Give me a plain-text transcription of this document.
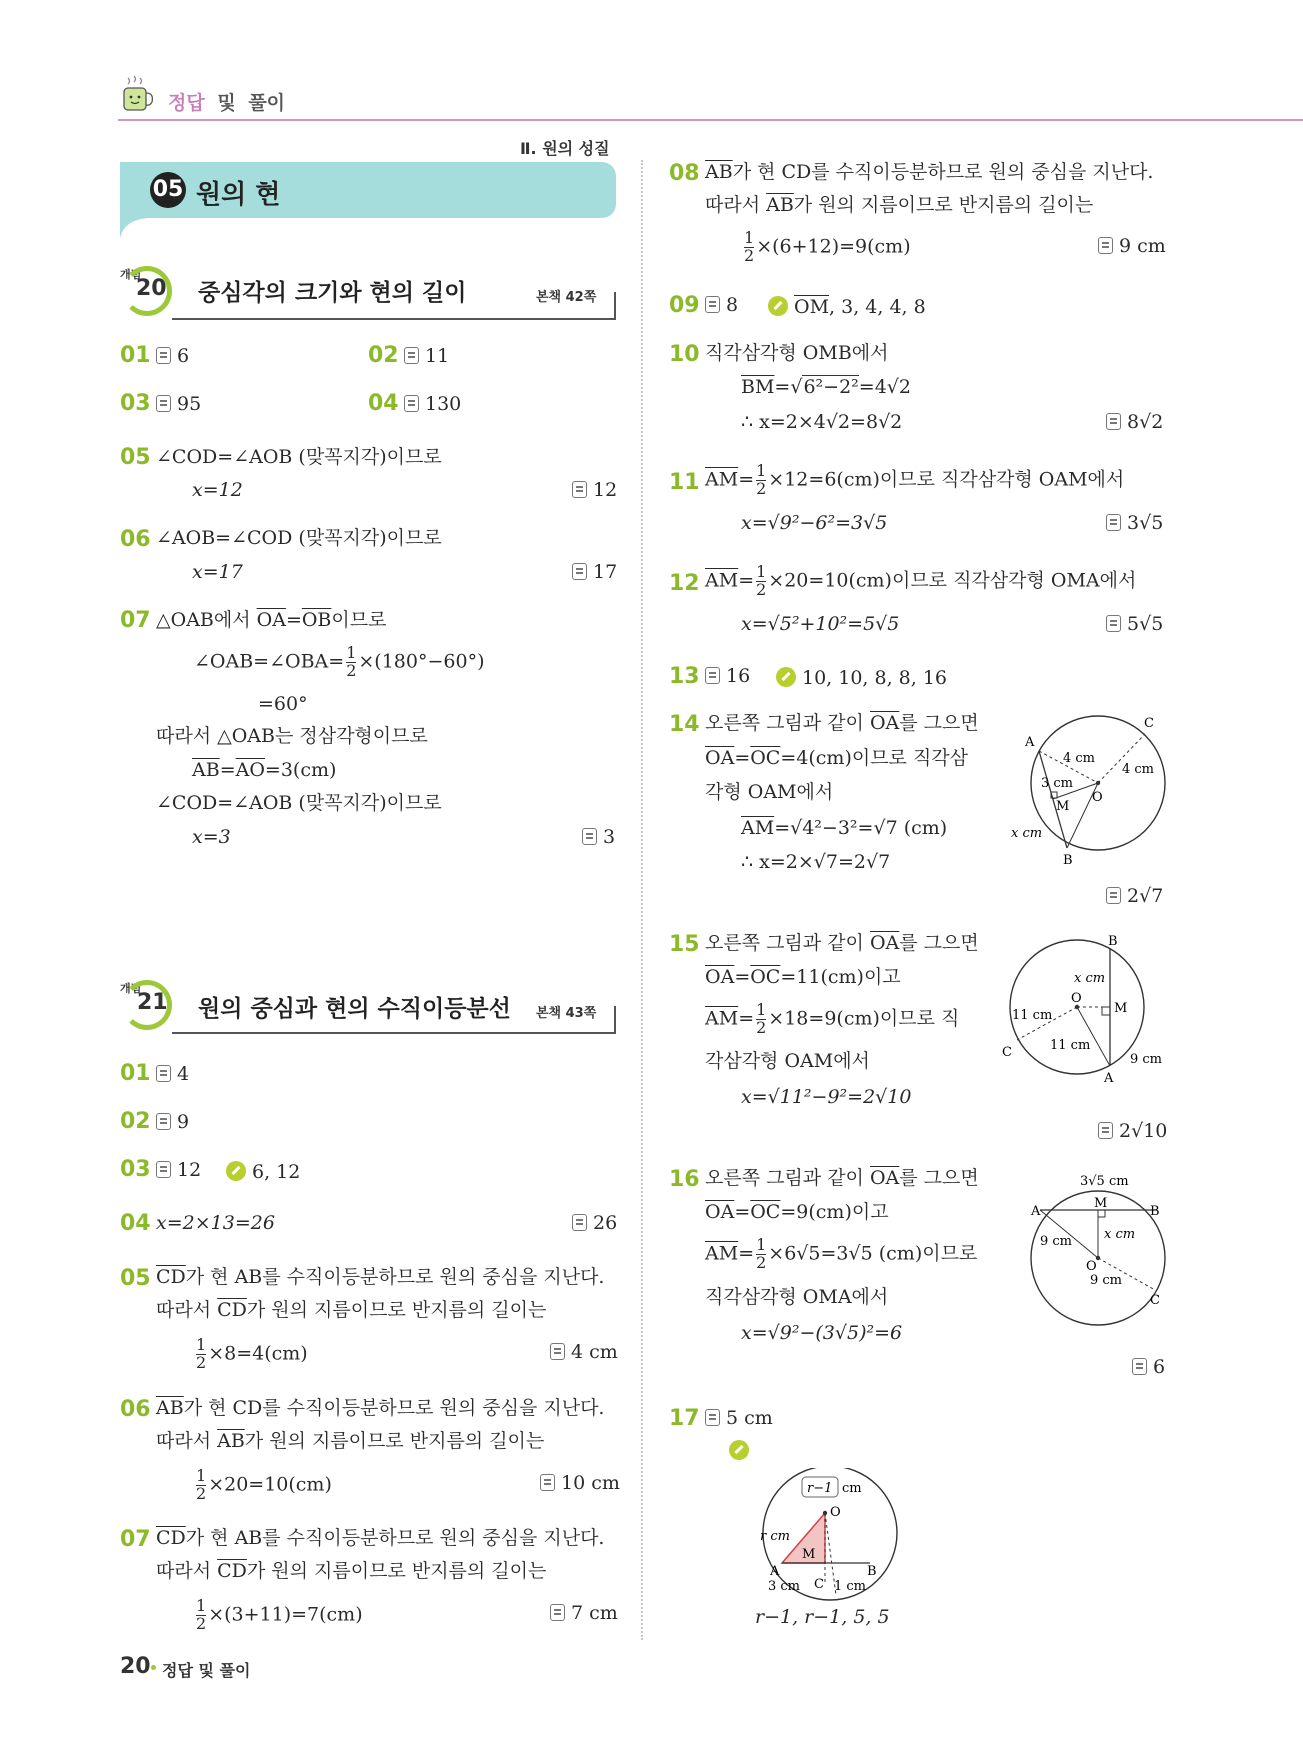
정답 및 풀이
Ⅱ. 원의 성질
05 원의 현
개념
20 중심각의 크기와 현의 길이	본책 42쪽
01	6	02	11
03	95	04	130
05 ∠COD=∠AOB (맞꼭지각)이므로
x=12	12
06 ∠AOB=∠COD (맞꼭지각)이므로
x=17	17
07 △OAB에서 $\overline{OA}=\overline{OB}$이므로
∠OAB=∠OBA= $\frac{1}{2} \times(180^\circ-60^\circ)$
=60°
따라서 △OAB는 정삼각형이므로
$\overline{AB}=\overline{AO}=3(cm)$
∠COD=∠AOB (맞꼭지각)이므로
x=3	3
개념
21 원의 중심과 현의 수직이등분선 본책 43쪽
01	4
02	9
03	12	6, 12
04 x=2×13=26	26
05 $\overline{CD}$가 현 AB를 수직이등분하므로 원의 중심을 지난다.
따라서 $\overline{CD}$가 원의 지름이므로 반지름의 길이는
$\frac{1}{2} \times 8=4(cm)$	4 cm
06 $\overline{AB}$가 현 CD를 수직이등분하므로 원의 중심을 지난다.
따라서 $\overline{AB}$가 원의 지름이므로 반지름의 길이는
$\frac{1}{2} \times 20=10(cm)$	10 cm
07 $\overline{CD}$가 현 AB를 수직이등분하므로 원의 중심을 지난다.
따라서 $\overline{CD}$가 원의 지름이므로 반지름의 길이는
$\frac{1}{2} \times(3+11)=7(cm)$	7 cm
08 $\overline{AB}$가 현 CD를 수직이등분하므로 원의 중심을 지난다.
따라서 $\overline{AB}$가 원의 지름이므로 반지름의 길이는
$\frac{1}{2} \times(6+12)=9(cm)$	9 cm
09	8	$\overline{OM}$, 3, 4, 4, 8
10 직각삼각형 OMB에서
$\overline{BM}=√6^2-2^2=4√2$
∴ x=2×4√2=8√2	8√2
11 $\overline{AM}= \frac{1}{2} \times 12=6(cm)$이므로 직각삼각형 OAM에서
x=√9²−6²=3√5	3√5
12 $\overline{AM}= \frac{1}{2} \times 20=10(cm)$이므로 직각삼각형 OMA에서
x=√5²+10²=5√5	5√5
13	16	10, 10, 8, 8, 16
14 오른쪽 그림과 같이 $\overline{OA}$를 그으면
$\overline{OA}=\overline{OC}=4(cm)$이므로 직각삼
각형 OAM에서
$\overline{AM}=√4^2-3^2=√7$ (cm)
∴ x=2×√7=2√7
2√7
A
C
B
O
M
4 cm
4 cm
3 cm
x cm
15 오른쪽 그림과 같이 $\overline{OA}$를 그으면
$\overline{OA}=\overline{OC}=11(cm)$이고
$\overline{AM}= \frac{1}{2} \times 18=9(cm)$이므로 직
각삼각형 OAM에서
x=√11²−9²=2√10
2√10
B
M
O
A
C
11 cm
11 cm
9 cm
x cm
16 오른쪽 그림과 같이 $\overline{OA}$를 그으면
$\overline{OA}=\overline{OC}=9(cm)$이고
$\overline{AM}= \frac{1}{2} \times 6√5=3√5$ (cm)이므로
직각삼각형 OMA에서
x=√9²−(3√5)²=6
6
3√5 cm
M
A	B
x cm
9 cm
O
9 cm
C
17	5 cm
r−1 cm
O
r cm
M
A	B
C
3 cm	1 cm
r−1, r−1, 5, 5
20 정답 및 풀이
